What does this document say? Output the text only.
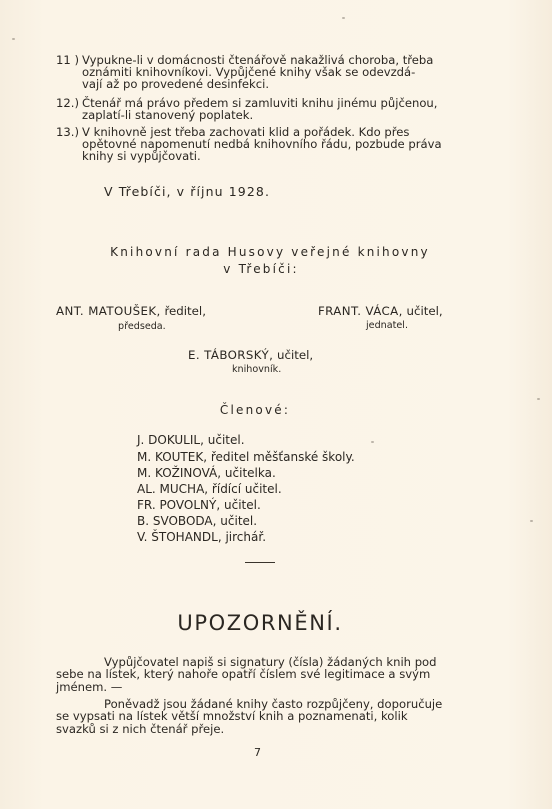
11 ) Vypukne-li v domácnosti čtenářově nakažlivá choroba, třeba
oznámiti knihovníkovi. Vypůjčené knihy však se odevzdá-
vají až po provedené desinfekci.
12.) Čtenář má právo předem si zamluviti knihu jinému půjčenou,
zaplatí-li stanovený poplatek.
13.) V knihovně jest třeba zachovati klid a pořádek. Kdo přes
opětovné napomenutí nedbá knihovního řádu, pozbude práva
knihy si vypůjčovati.
V Třebíči, v říjnu 1928.
Knihovní rada Husovy veřejné knihovny
v Třebíči:
ANT. MATOUŠEK, ředitel,
předseda.
FRANT. VÁCA, učitel,
jednatel.
E. TÁBORSKÝ, učitel,
knihovník.
Členové:
J. DOKULIL, učitel.
M. KOUTEK, ředitel měšťanské školy.
M. KOŽINOVÁ, učitelka.
AL. MUCHA, řídící učitel.
FR. POVOLNÝ, učitel.
B. SVOBODA, učitel.
V. ŠTOHANDL, jirchář.
UPOZORNĚNÍ.
Vypůjčovatel napiš si signatury (čísla) žádaných knih pod
sebe na lístek, který nahoře opatří číslem své legitimace a svým
jménem. —
Poněvadž jsou žádané knihy často rozpůjčeny, doporučuje
se vypsati na lístek větší množství knih a poznamenati, kolik
svazků si z nich čtenář přeje.
7
